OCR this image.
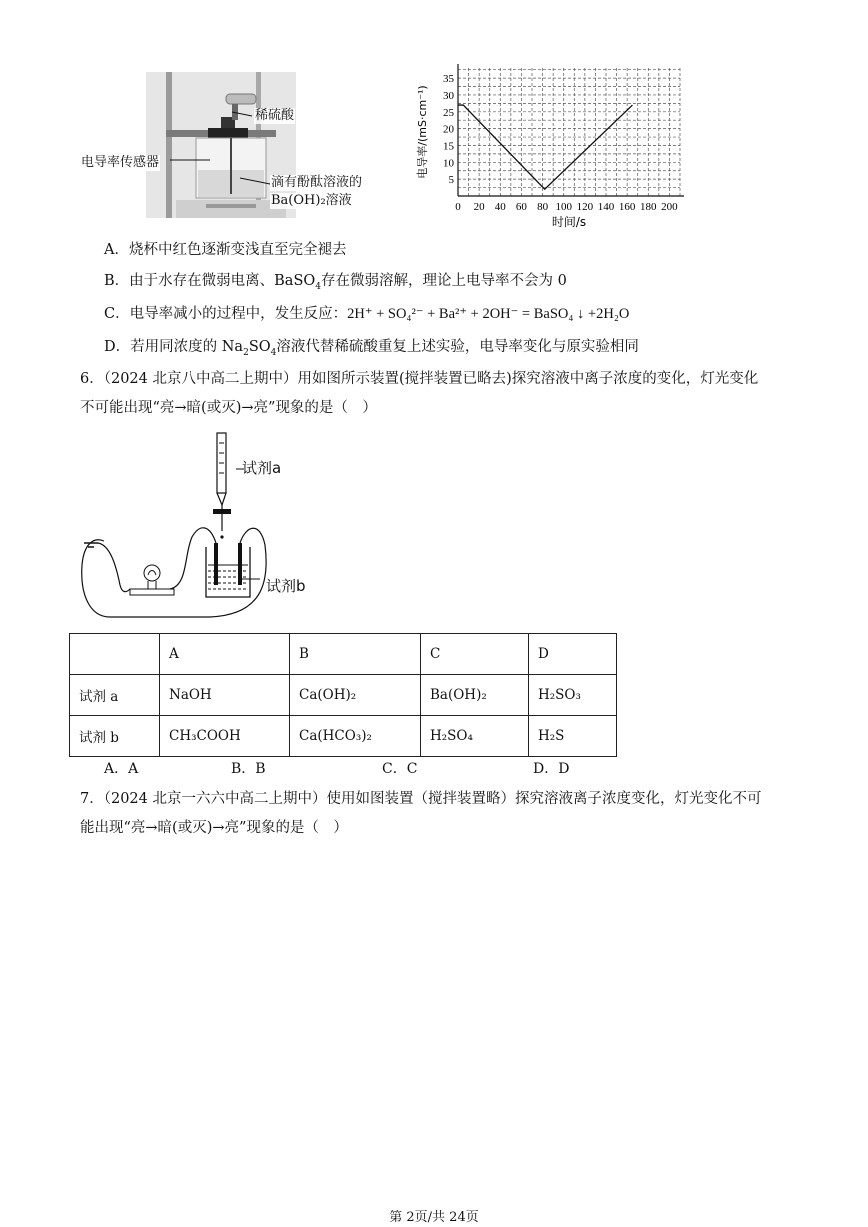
稀硫酸
电导率传感器
滴有酚酞溶液的
Ba(OH)₂溶液	0 20 40 60 80 100 120 140 160 180 200
5
10
15
20
25
30
35
时间/s
电导率/(mS·cm⁻¹)
A．烧杯中红色逐渐变浅直至完全褪去
B．由于水存在微弱电离、BaSO$_4$存在微弱溶解，理论上电导率不会为 0
C．电导率减小的过程中，发生反应：2H⁺ + SO₄²⁻ + Ba²⁺ + 2OH⁻ = BaSO₄ ↓ +2H₂O
D．若用同浓度的 $Na_2SO_4$溶液代替稀硫酸重复上述实验，电导率变化与原实验相同
6．（2024 北京八中高二上期中）用如图所示装置(搅拌装置已略去)探究溶液中离子浓度的变化，灯光变化
不可能出现“亮→暗(或灭)→亮”现象的是（　）
试剂a
试剂b
	A	B	C	D
试剂 a	NaOH	Ca(OH)₂	Ba(OH)₂	H₂SO₃
试剂 b	CH₃COOH	Ca(HCO₃)₂	H₂SO₄	H₂S
A．A	B．B	C．C	D．D
7．（2024 北京一六六中高二上期中）使用如图装置（搅拌装置略）探究溶液离子浓度变化，灯光变化不可
能出现“亮→暗(或灭)→亮”现象的是（　）
第 2页/共 24页
